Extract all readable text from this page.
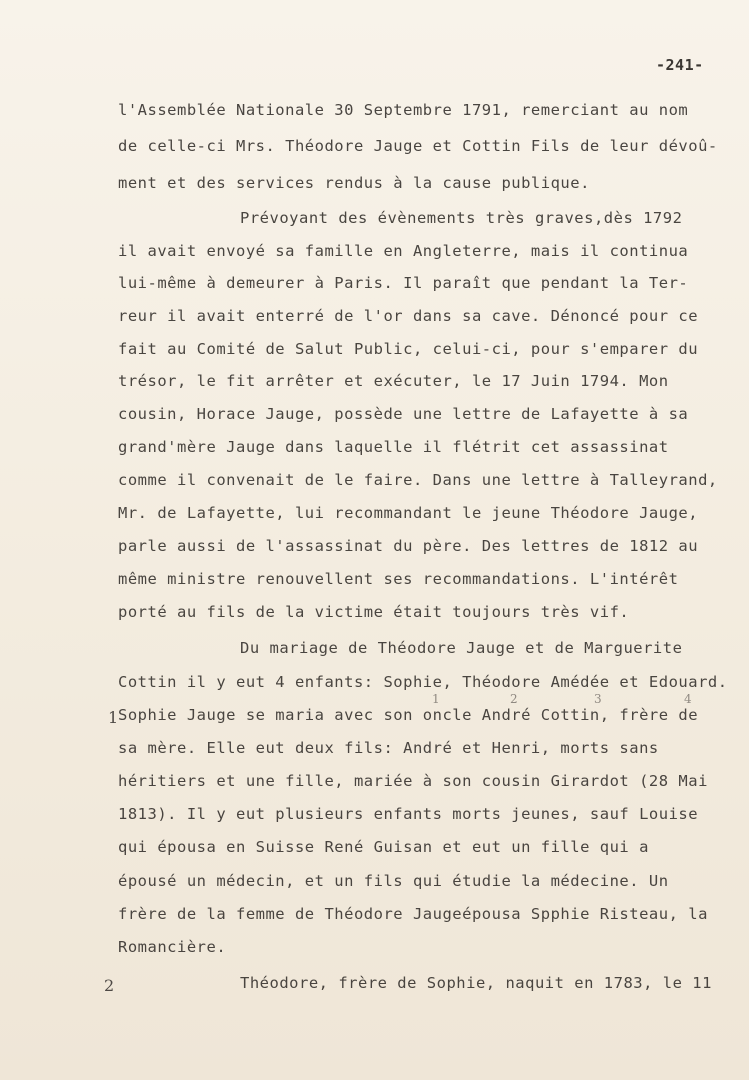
-241-
l'Assemblée Nationale 30 Septembre 1791, remerciant au nom
de celle-ci Mrs. Théodore Jauge et Cottin Fils de leur dévoû-
ment et des services rendus à la cause publique.
Prévoyant des évènements très graves,dès 1792
il avait envoyé sa famille en Angleterre, mais il continua
lui-même à demeurer à Paris. Il paraît que pendant la Ter-
reur il avait enterré de l'or dans sa cave. Dénoncé pour ce
fait au Comité de Salut Public, celui-ci, pour s'emparer du
trésor, le fit arrêter et exécuter, le 17 Juin 1794. Mon
cousin, Horace Jauge, possède une lettre de Lafayette à sa
grand'mère Jauge dans laquelle il flétrit cet assassinat
comme il convenait de le faire. Dans une lettre à Talleyrand,
Mr. de Lafayette, lui recommandant le jeune Théodore Jauge,
parle aussi de l'assassinat du père. Des lettres de 1812 au
même ministre renouvellent ses recommandations. L'intérêt
porté au fils de la victime était toujours très vif.
Du mariage de Théodore Jauge et de Marguerite
Cottin il y eut 4 enfants: Sophie, Théodore Amédée et Edouard.
Sophie Jauge se maria avec son oncle André Cottin, frère de
sa mère. Elle eut deux fils: André et Henri, morts sans
héritiers et une fille, mariée à son cousin Girardot (28 Mai
1813). Il y eut plusieurs enfants morts jeunes, sauf Louise
qui épousa en Suisse René Guisan et eut un fille qui a
épousé un médecin, et un fils qui étudie la médecine. Un
frère de la femme de Théodore Jaugeépousa Spphie Risteau, la
Romancière.
Théodore, frère de Sophie, naquit en 1783, le 11
1
2
1	2	3	4
